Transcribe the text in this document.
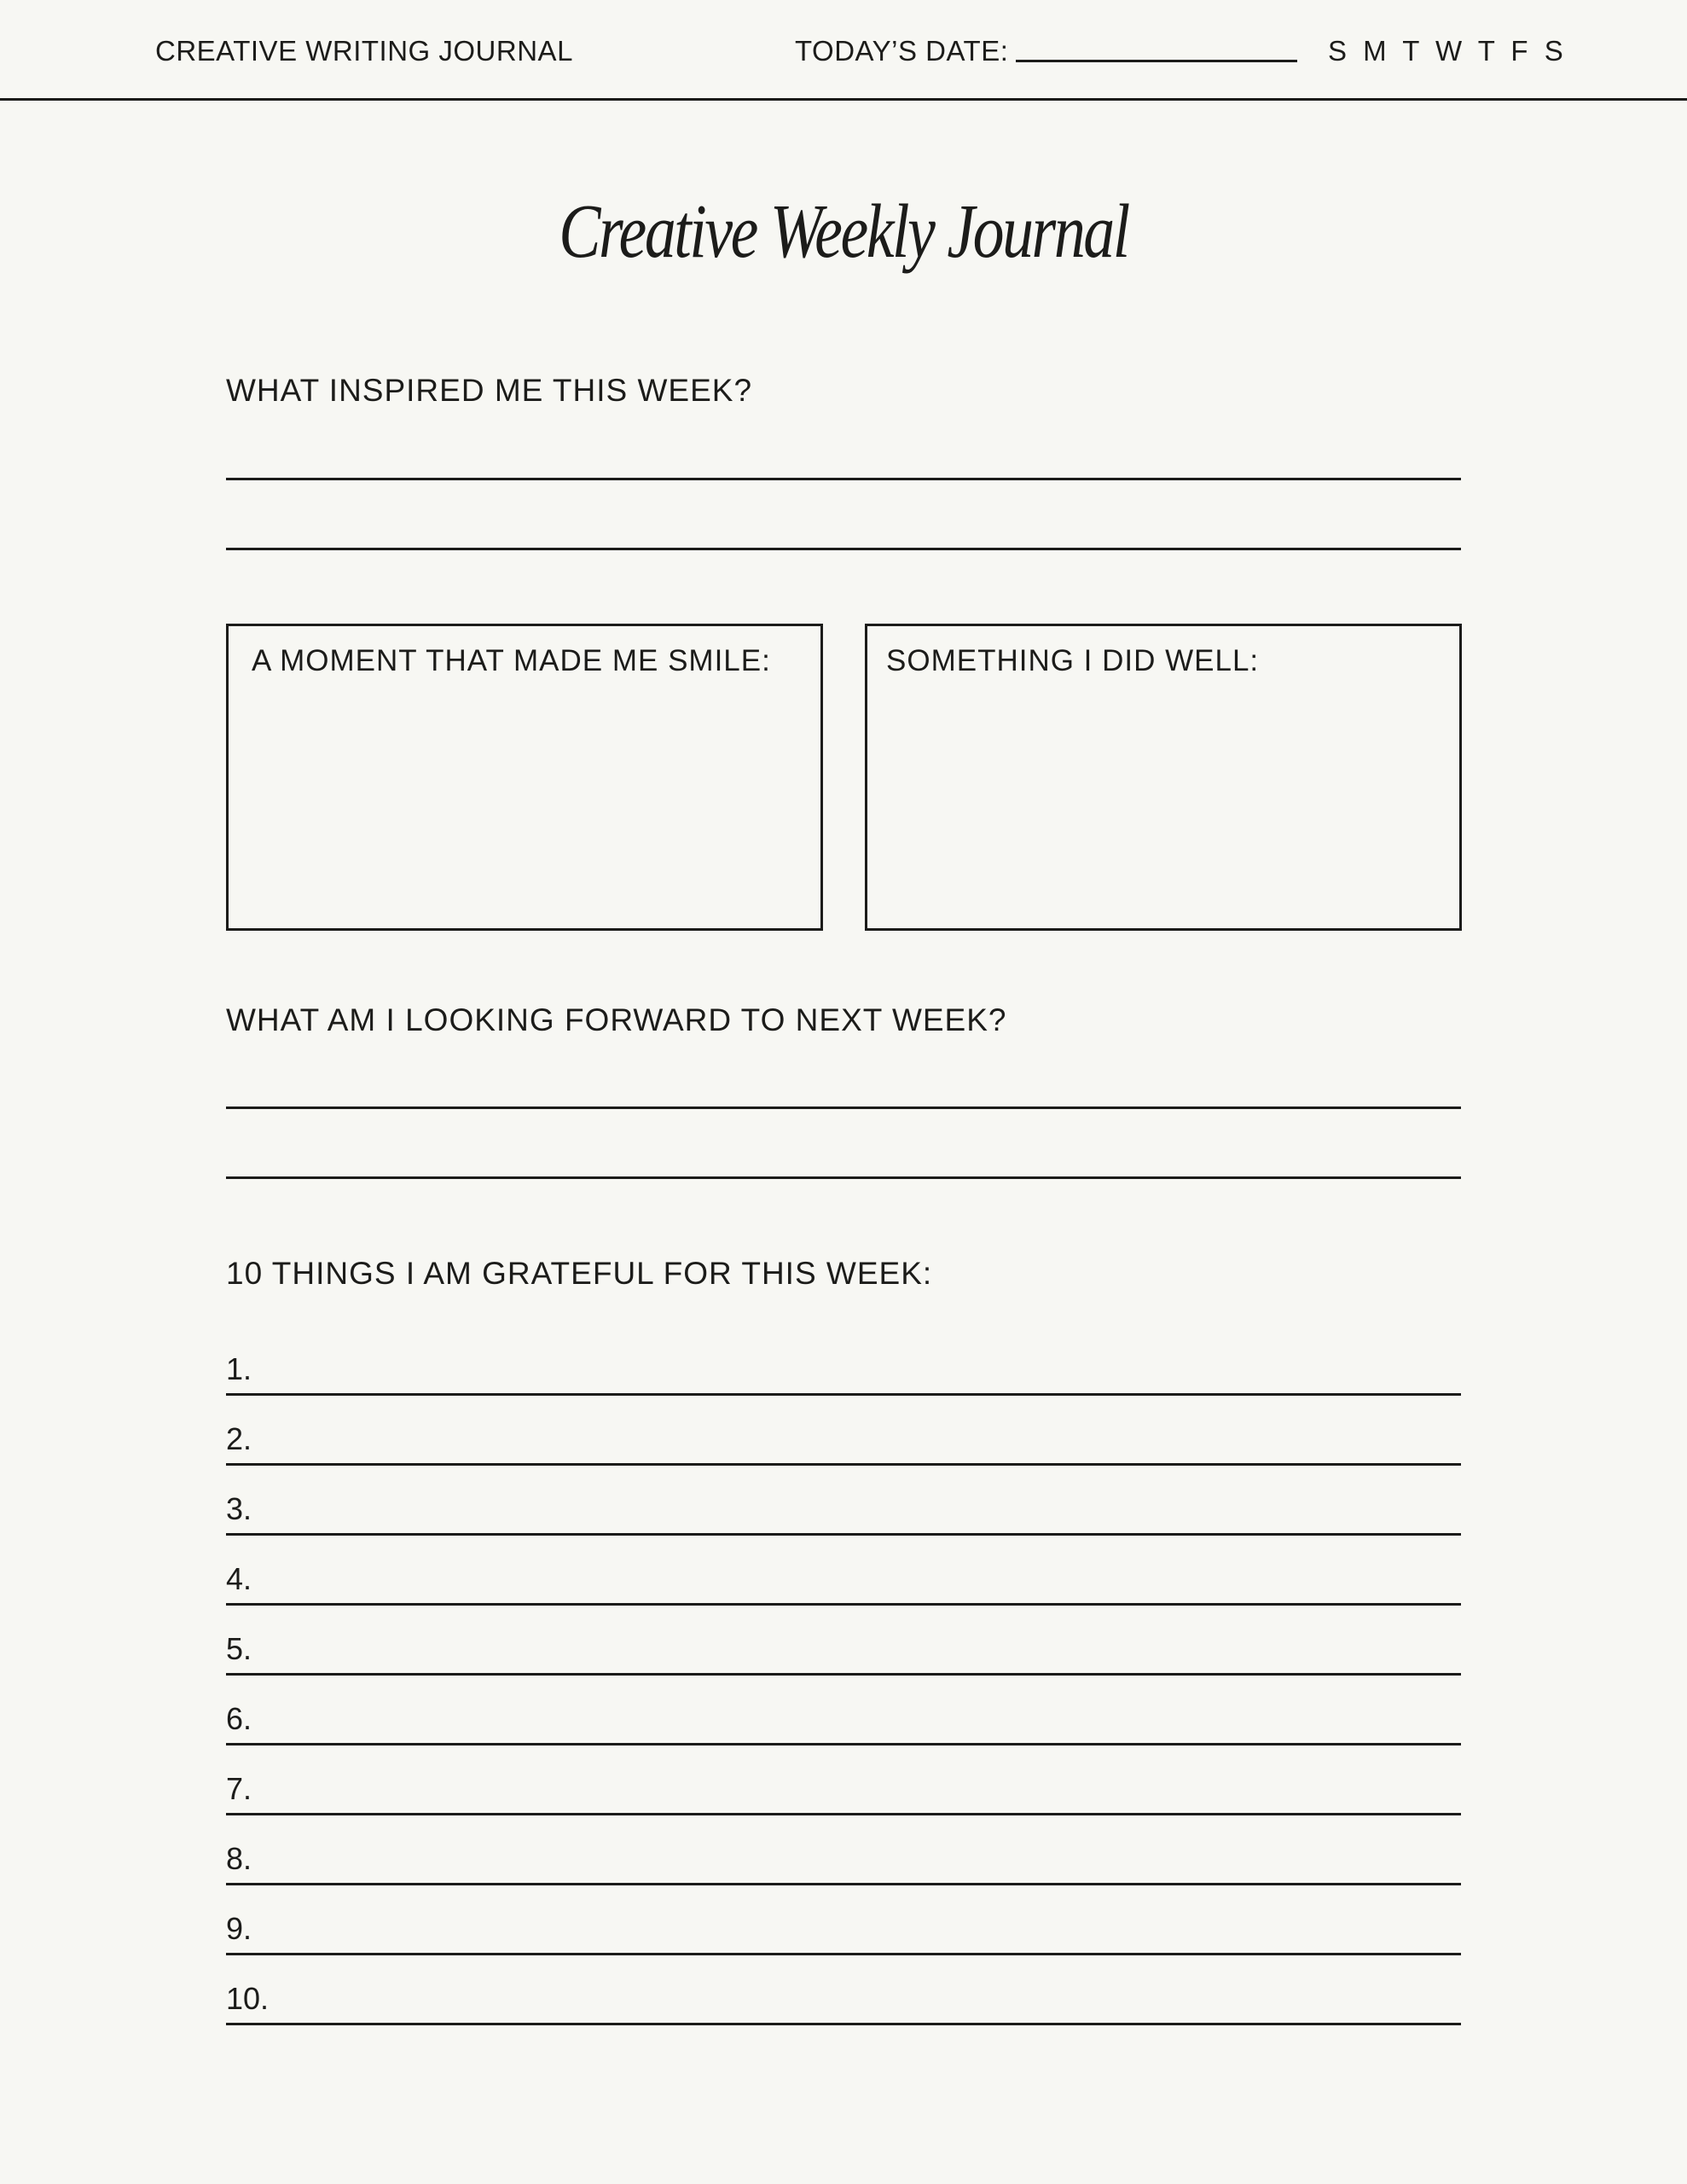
CREATIVE WRITING JOURNAL	TODAY’S DATE:	S M T W T F S
Creative Weekly Journal
WHAT INSPIRED ME THIS WEEK?
A MOMENT THAT MADE ME SMILE:	SOMETHING I DID WELL:
WHAT AM I LOOKING FORWARD TO NEXT WEEK?
10 THINGS I AM GRATEFUL FOR THIS WEEK:
1.
2.
3.
4.
5.
6.
7.
8.
9.
10.
